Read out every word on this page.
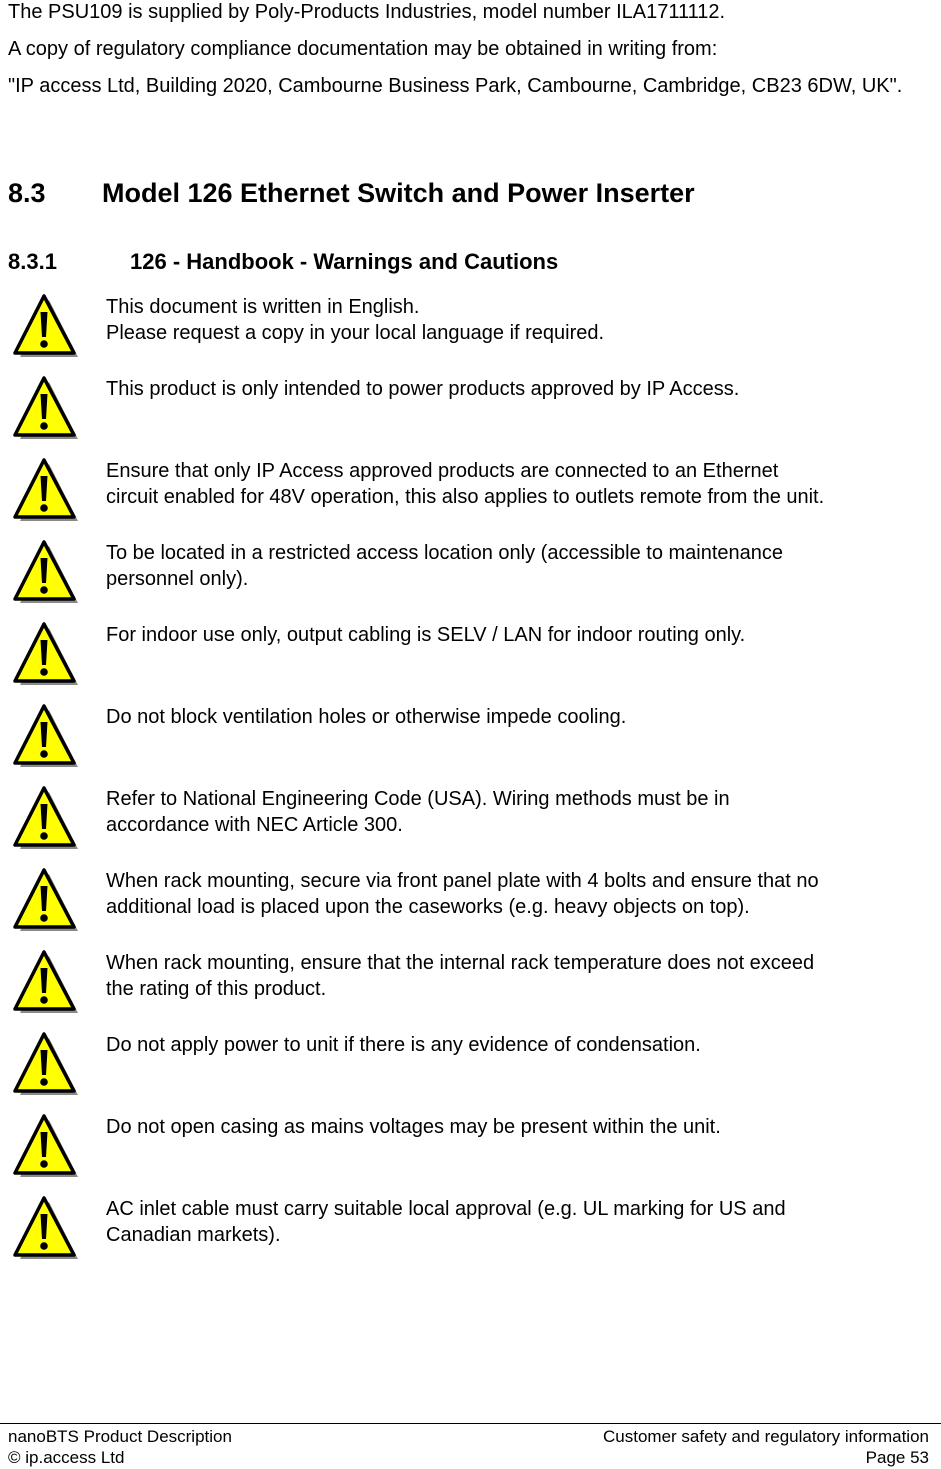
The PSU109 is supplied by Poly-Products Industries, model number ILA1711112.

A copy of regulatory compliance documentation may be obtained in writing from:

"IP access Ltd, Building 2020, Cambourne Business Park, Cambourne, Cambridge, CB23 6DW, UK".

8.3 Model 126 Ethernet Switch and Power Inserter
8.3.1	126 - Handbook - Warnings and Cautions

This document is written in English.
Please request a copy in your local language if required.

This product is only intended to power products approved by IP Access.

Ensure that only IP Access approved products are connected to an Ethernet
circuit enabled for 48V operation, this also applies to outlets remote from the unit.

To be located in a restricted access location only (accessible to maintenance
personnel only).

For indoor use only, output cabling is SELV / LAN for indoor routing only.

Do not block ventilation holes or otherwise impede cooling.

Refer to National Engineering Code (USA). Wiring methods must be in
accordance with NEC Article 300.

When rack mounting, secure via front panel plate with 4 bolts and ensure that no
additional load is placed upon the caseworks (e.g. heavy objects on top).

When rack mounting, ensure that the internal rack temperature does not exceed
the rating of this product.

Do not apply power to unit if there is any evidence of condensation.

Do not open casing as mains voltages may be present within the unit.

AC inlet cable must carry suitable local approval (e.g. UL marking for US and
Canadian markets).

nanoBTS Product Description

© ip.access Ltd

Customer safety and regulatory information

Page 53
